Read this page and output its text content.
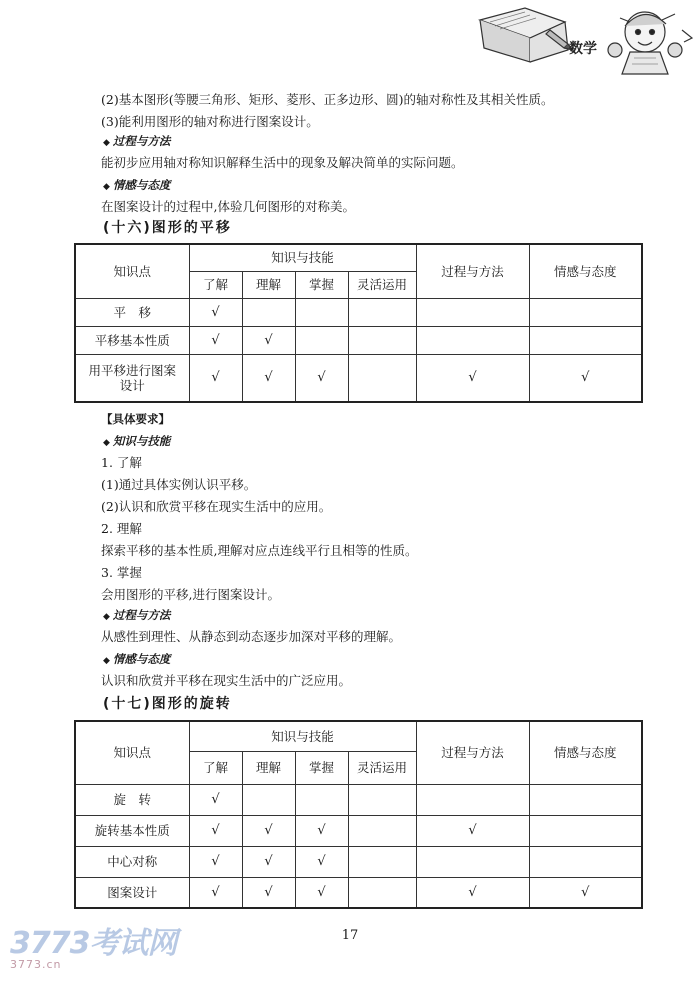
数学
(2)基本图形(等腰三角形、矩形、菱形、正多边形、圆)的轴对称性及其相关性质。
(3)能利用图形的轴对称进行图案设计。
◆ 过程与方法
能初步应用轴对称知识解释生活中的现象及解决简单的实际问题。
◆ 情感与态度
在图案设计的过程中,体验几何图形的对称美。
(十六)图形的平移
知识点	知识与技能				过程与方法	情感与态度
	了解	理解	掌握	灵活运用		
平　移	√					
平移基本性质	√	√				

用平移进行图案
设计	√	√	√		√	√
【具体要求】
◆ 知识与技能
1. 了解
(1)通过具体实例认识平移。
(2)认识和欣赏平移在现实生活中的应用。
2. 理解
探索平移的基本性质,理解对应点连线平行且相等的性质。
3. 掌握
会用图形的平移,进行图案设计。
◆ 过程与方法
从感性到理性、从静态到动态逐步加深对平移的理解。
◆ 情感与态度
认识和欣赏并平移在现实生活中的广泛应用。
(十七)图形的旋转
知识点	知识与技能				过程与方法	情感与态度
	了解	理解	掌握	灵活运用		
旋　转	√					
旋转基本性质	√	√	√		√	
中心对称	√	√	√			
图案设计	√	√	√		√	√
17
3773考试网
3773.cn
